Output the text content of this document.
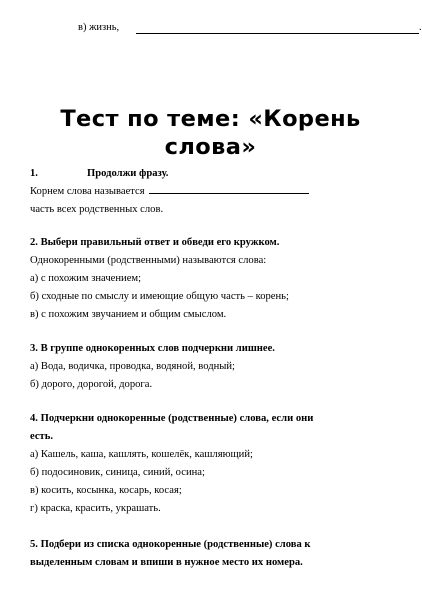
в) жизнь,	.
Тест по теме: «Корень
слова»
1.	Продолжи фразу.
Корнем слова называется
часть всех родственных слов.
2. Выбери правильный ответ и обведи его кружком.
Однокоренными (родственными) называются слова:
а) с похожим значением;
б) сходные по смыслу и имеющие общую часть – корень;
в) с похожим звучанием и общим смыслом.
3. В группе однокоренных слов подчеркни лишнее.
а) Вода, водичка, проводка, водяной, водный;
б) дорого, дорогой, дорога.
4. Подчеркни однокоренные (родственные) слова, если они
есть.
а) Кашель, каша, кашлять, кошелёк, кашляющий;
б) подосиновик, синица, синий, осина;
в) косить, косынка, косарь, косая;
г) краска, красить, украшать.
5. Подбери из списка однокоренные (родственные) слова к
выделенным словам и впиши в нужное место их номера.
